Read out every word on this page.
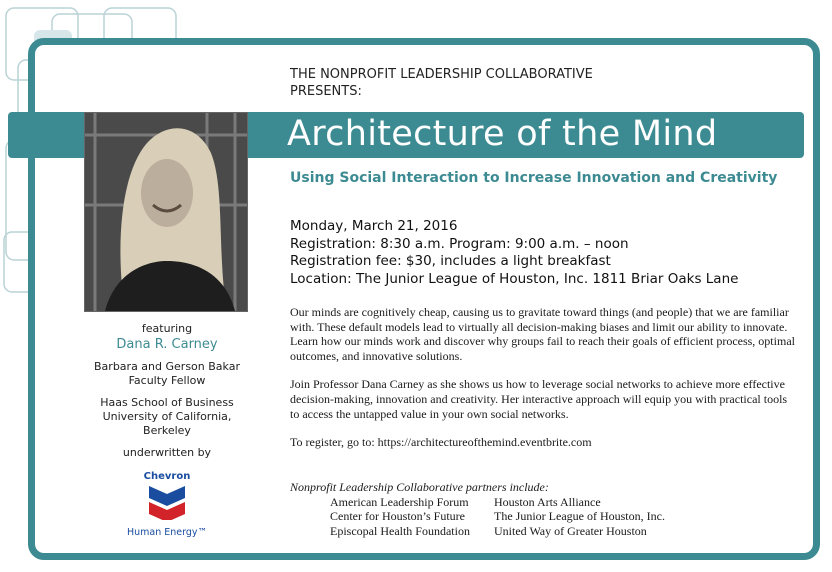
THE NONPROFIT LEADERSHIP COLLABORATIVE
PRESENTS:
Architecture of the Mind
Using Social Interaction to Increase Innovation and Creativity
Monday, March 21, 2016
Registration: 8:30 a.m. Program: 9:00 a.m. – noon
Registration fee: $30, includes a light breakfast
Location: The Junior League of Houston, Inc. 1811 Briar Oaks Lane

Our minds are cognitively cheap, causing us to gravitate toward things (and people) that we are familiar with. These default models lead to virtually all decision-making biases and limit our ability to innovate. Learn how our minds work and discover why groups fail to reach their goals of efficient process, optimal outcomes, and innovative solutions.

Join Professor Dana Carney as she shows us how to leverage social networks to achieve more effective decision-making, innovation and creativity. Her interactive approach will equip you with practical tools to access the untapped value in your own social networks.

To register, go to: https://architectureofthemind.eventbrite.com

Nonprofit Leadership Collaborative partners include:
American Leadership Forum	Houston Arts Alliance
Center for Houston’s Future	The Junior League of Houston, Inc.
Episcopal Health Foundation	United Way of Greater Houston
featuring
Dana R. Carney
Barbara and Gerson Bakar
Faculty Fellow
Haas School of Business
University of California,
Berkeley
underwritten by
Chevron
Human Energy™
